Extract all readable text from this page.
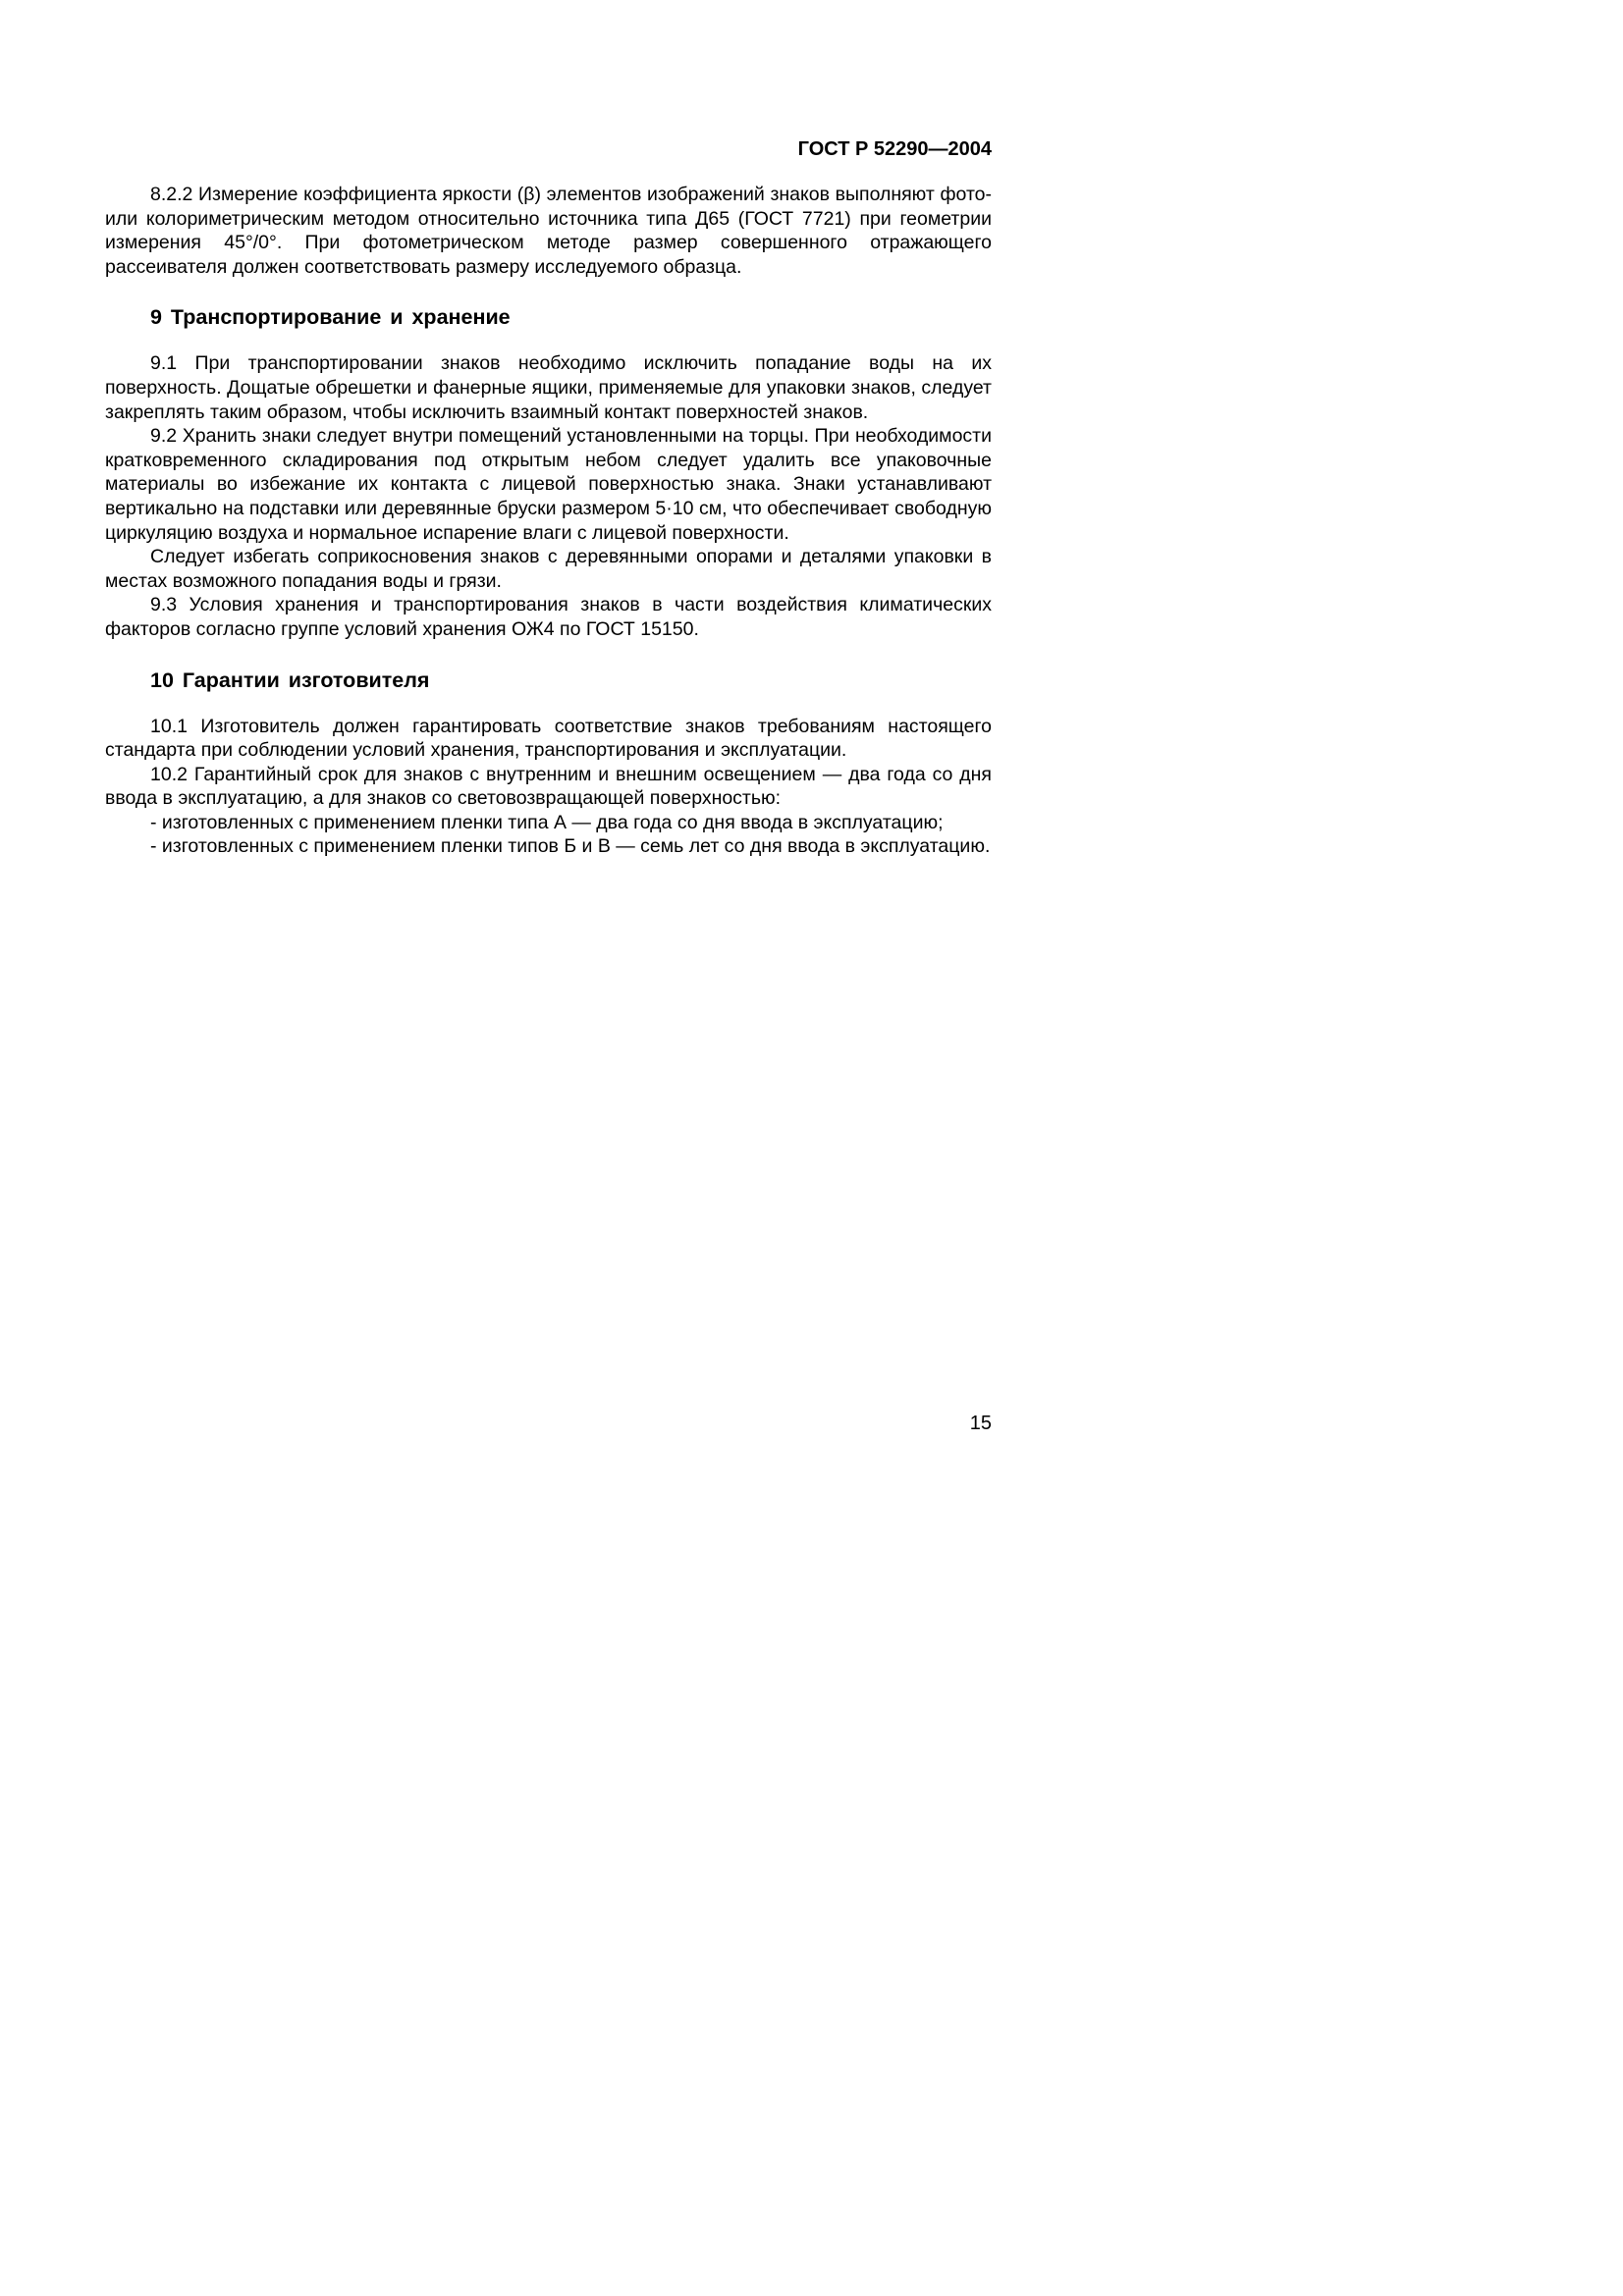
ГОСТ Р 52290—2004

8.2.2 Измерение коэффициента яркости (β) элементов изображений знаков выполняют фото- или колориметрическим методом относительно источника типа Д65 (ГОСТ 7721) при геометрии измерения 45°/0°. При фотометрическом методе размер совершенного отражающего рассеивателя должен соответствовать размеру исследуемого образца.

9 Транспортирование и хранение

9.1 При транспортировании знаков необходимо исключить попадание воды на их поверхность. Дощатые обрешетки и фанерные ящики, применяемые для упаковки знаков, следует закреплять таким образом, чтобы исключить взаимный контакт поверхностей знаков.

9.2 Хранить знаки следует внутри помещений установленными на торцы. При необходимости кратковременного складирования под открытым небом следует удалить все упаковочные материалы во избежание их контакта с лицевой поверхностью знака. Знаки устанавливают вертикально на подставки или деревянные бруски размером 5·10 см, что обеспечивает свободную циркуляцию воздуха и нормальное испарение влаги с лицевой поверхности.

Следует избегать соприкосновения знаков с деревянными опорами и деталями упаковки в местах возможного попадания воды и грязи.

9.3 Условия хранения и транспортирования знаков в части воздействия климатических факторов согласно группе условий хранения ОЖ4 по ГОСТ 15150.

10 Гарантии изготовителя

10.1 Изготовитель должен гарантировать соответствие знаков требованиям настоящего стандарта при соблюдении условий хранения, транспортирования и эксплуатации.

10.2 Гарантийный срок для знаков с внутренним и внешним освещением — два года со дня ввода в эксплуатацию, а для знаков со световозвращающей поверхностью:

- изготовленных с применением пленки типа А — два года со дня ввода в эксплуатацию;

- изготовленных с применением пленки типов Б и В — семь лет со дня ввода в эксплуатацию.

15
